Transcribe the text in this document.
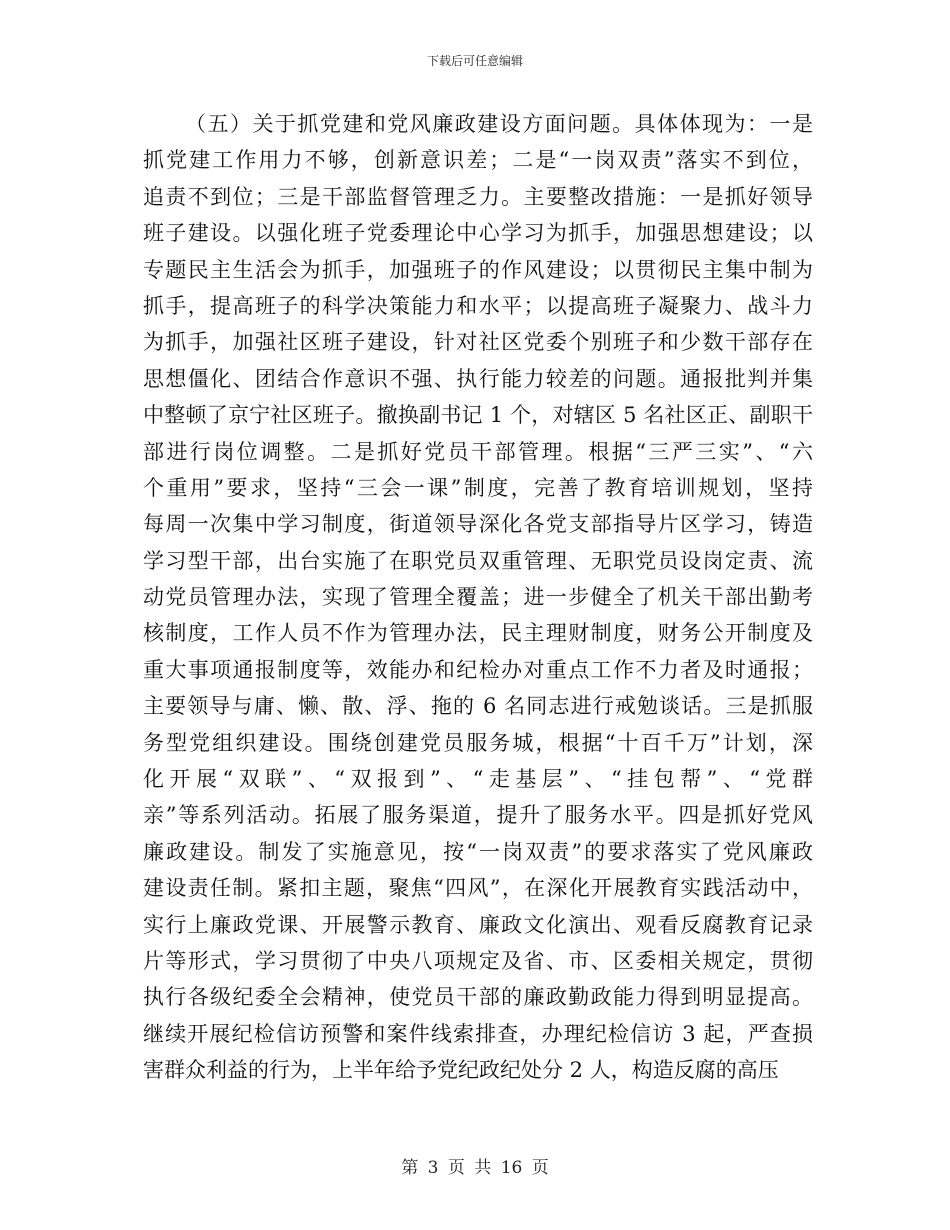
下载后可任意编辑
（五）关于抓党建和党风廉政建设方面问题。具体体现为：一是
抓党建工作用力不够，创新意识差；二是“一岗双责”落实不到位，
追责不到位；三是干部监督管理乏力。主要整改措施：一是抓好领导
班子建设。以强化班子党委理论中心学习为抓手，加强思想建设；以
专题民主生活会为抓手，加强班子的作风建设；以贯彻民主集中制为
抓手，提高班子的科学决策能力和水平；以提高班子凝聚力、战斗力
为抓手，加强社区班子建设，针对社区党委个别班子和少数干部存在
思想僵化、团结合作意识不强、执行能力较差的问题。通报批判并集
中整顿了京宁社区班子。撤换副书记 1 个，对辖区 5 名社区正、副职干
部进行岗位调整。二是抓好党员干部管理。根据“三严三实”、“六
个重用”要求，坚持“三会一课”制度，完善了教育培训规划，坚持
每周一次集中学习制度，街道领导深化各党支部指导片区学习，铸造
学习型干部，出台实施了在职党员双重管理、无职党员设岗定责、流
动党员管理办法，实现了管理全覆盖；进一步健全了机关干部出勤考
核制度，工作人员不作为管理办法，民主理财制度，财务公开制度及
重大事项通报制度等，效能办和纪检办对重点工作不力者及时通报；
主要领导与庸、懒、散、浮、拖的 6 名同志进行戒勉谈话。三是抓服
务型党组织建设。围绕创建党员服务城，根据“十百千万”计划，深
化开展“双联”、“双报到”、“走基层”、“挂包帮”、“党群
亲”等系列活动。拓展了服务渠道，提升了服务水平。四是抓好党风
廉政建设。制发了实施意见，按“一岗双责”的要求落实了党风廉政
建设责任制。紧扣主题，聚焦“四风”，在深化开展教育实践活动中，
实行上廉政党课、开展警示教育、廉政文化演出、观看反腐教育记录
片等形式，学习贯彻了中央八项规定及省、市、区委相关规定，贯彻
执行各级纪委全会精神，使党员干部的廉政勤政能力得到明显提高。
继续开展纪检信访预警和案件线索排查，办理纪检信访 3 起，严查损
害群众利益的行为，上半年给予党纪政纪处分 2 人，构造反腐的高压
第 3 页 共 16 页
